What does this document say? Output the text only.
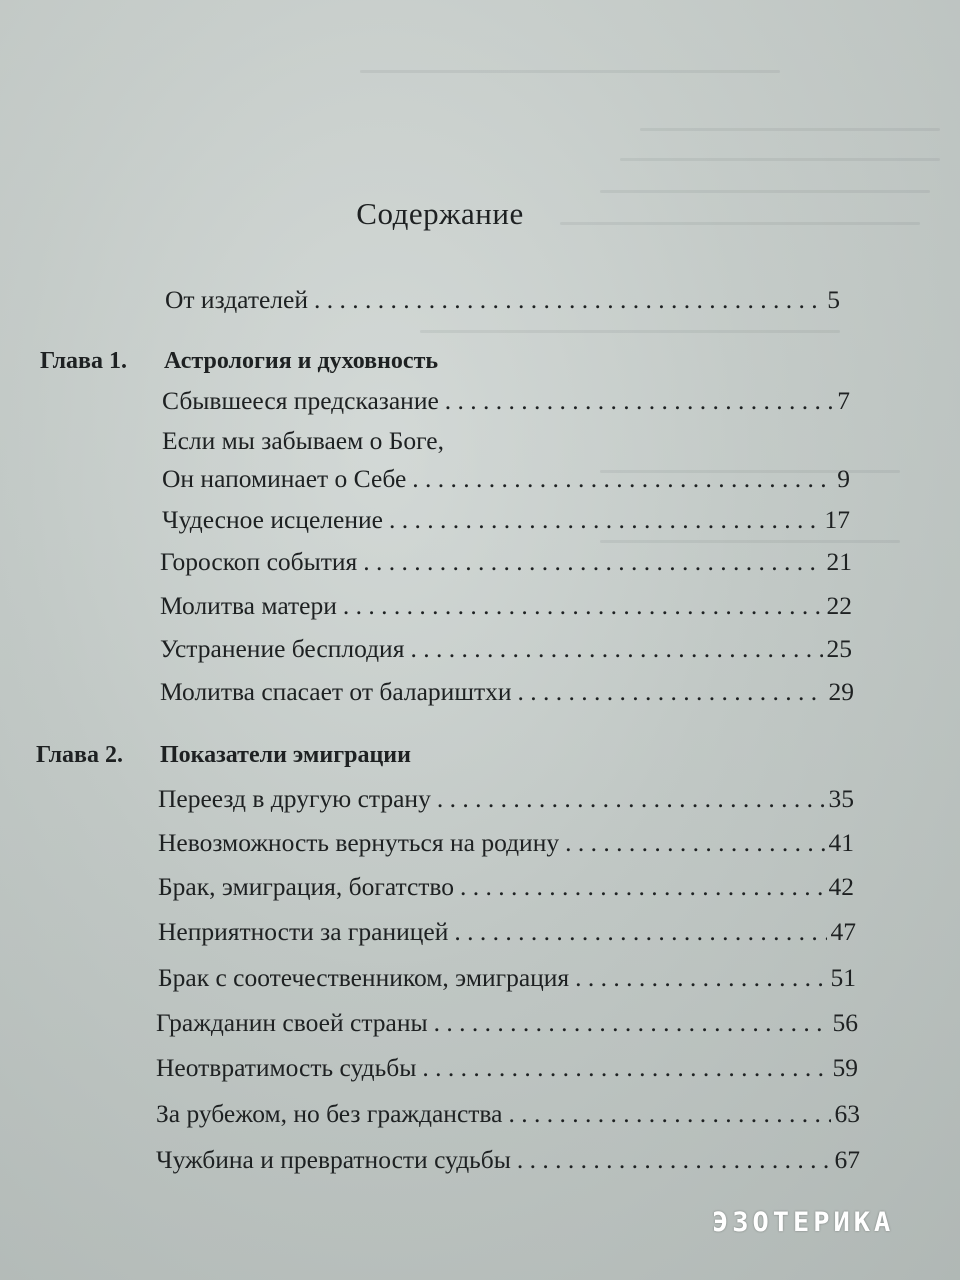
Содержание
От издателей . . .	5
Глава 1.	Астрология и духовность
Сбывшееся предсказание . . .	7
Если мы забываем о Боге,
Он напоминает о Себе . . .	9
Чудесное исцеление . . .	17
Гороскоп события . . .	21
Молитва матери . . .	22
Устранение бесплодия . . .	25
Молитва спасает от балариштхи . . .	29
Глава 2.	Показатели эмиграции
Переезд в другую страну . . .	35
Невозможность вернуться на родину . . .	41
Брак, эмиграция, богатство . . .	42
Неприятности за границей . . .	47
Брак с соотечественником, эмиграция . . .	51
Гражданин своей страны . . .	56
Неотвратимость судьбы . . .	59
За рубежом, но без гражданства . . .	63
Чужбина и превратности судьбы . . .	67
ЭЗОТЕРИКА
